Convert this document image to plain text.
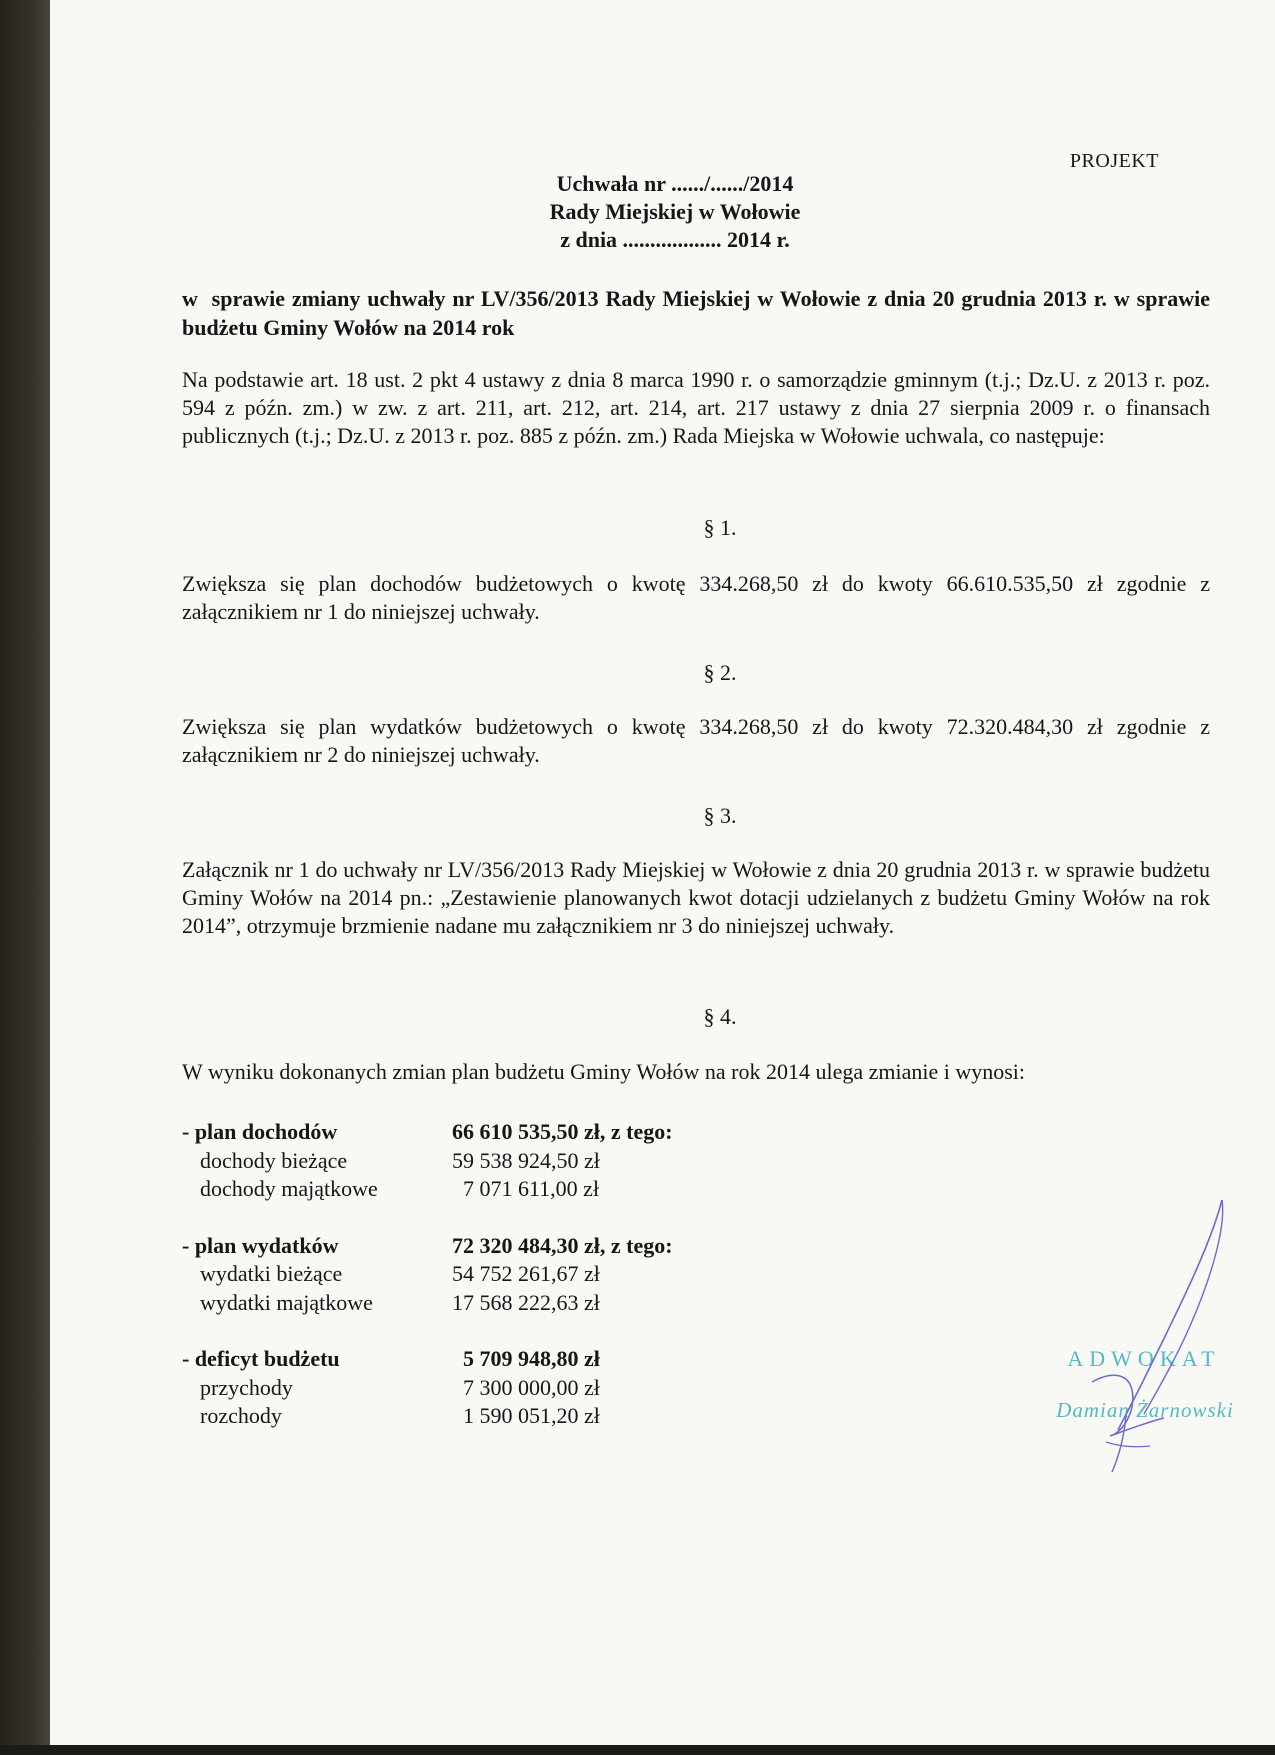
PROJEKT
Uchwała nr ....../....../2014
Rady Miejskiej w Wołowie
z dnia .................. 2014 r.
w  sprawie zmiany uchwały nr LV/356/2013 Rady Miejskiej w Wołowie z dnia 20 grudnia 2013 r. w sprawie budżetu Gminy Wołów na 2014 rok
Na podstawie art. 18 ust. 2 pkt 4 ustawy z dnia 8 marca 1990 r. o samorządzie gminnym (t.j.; Dz.U. z 2013 r. poz. 594 z późn. zm.) w zw. z art. 211, art. 212, art. 214, art. 217 ustawy z dnia 27 sierpnia 2009 r. o finansach publicznych (t.j.; Dz.U. z 2013 r. poz. 885 z późn. zm.) Rada Miejska w Wołowie uchwala, co następuje:
§ 1.
Zwiększa się plan dochodów budżetowych o kwotę 334.268,50 zł do kwoty 66.610.535,50 zł zgodnie z załącznikiem nr 1 do niniejszej uchwały.
§ 2.
Zwiększa się plan wydatków budżetowych o kwotę 334.268,50 zł do kwoty 72.320.484,30 zł zgodnie z załącznikiem nr 2 do niniejszej uchwały.
§ 3.
Załącznik nr 1 do uchwały nr LV/356/2013 Rady Miejskiej w Wołowie z dnia 20 grudnia 2013 r. w sprawie budżetu Gminy Wołów na 2014 pn.: „Zestawienie planowanych kwot dotacji udzielanych z budżetu Gminy Wołów na rok 2014”, otrzymuje brzmienie nadane mu załącznikiem nr 3 do niniejszej uchwały.
§ 4.
W wyniku dokonanych zmian plan budżetu Gminy Wołów na rok 2014 ulega zmianie i wynosi:
- plan dochodów	66 610 535,50 zł, z tego:
dochody bieżące	59 538 924,50 zł
dochody majątkowe	7 071 611,00 zł
- plan wydatków	72 320 484,30 zł, z tego:
wydatki bieżące	54 752 261,67 zł
wydatki majątkowe	17 568 222,63 zł
- deficyt budżetu	5 709 948,80 zł
przychody	7 300 000,00 zł
rozchody	1 590 051,20 zł
ADWOKAT
Damian Żarnowski
